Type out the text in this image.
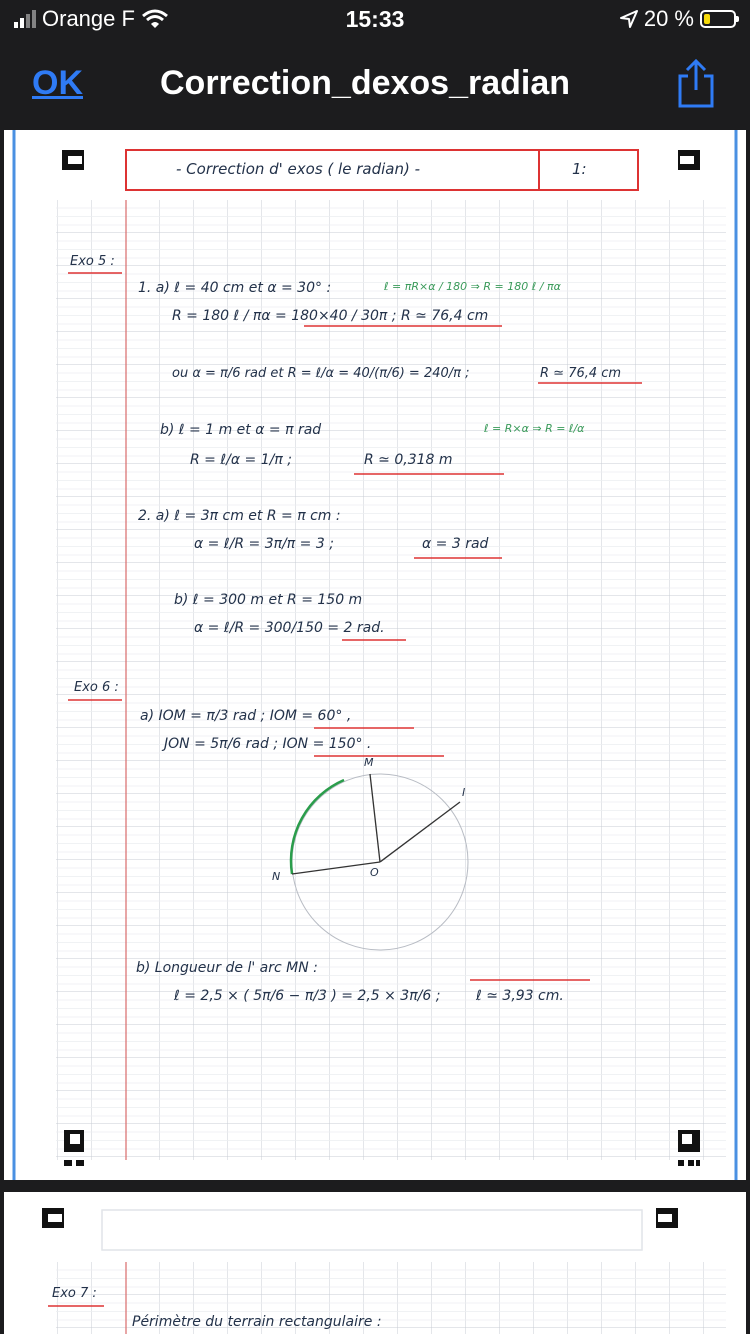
Orange F	15:33	20 %
OK Correction_dexos_radian
- Correction d' exos ( le radian) -	1:
Exo 5 :
1. a) ℓ = 40 cm et α = 30° :	ℓ = πR×α / 180 ⇒ R = 180 ℓ / πα
R = 180 ℓ / πα = 180×40 / 30π ; R ≃ 76,4 cm
ou α = π/6 rad et R = ℓ/α = 40/(π/6) = 240/π ;	R ≃ 76,4 cm
b) ℓ = 1 m et α = π rad	ℓ = R×α ⇒ R = ℓ/α
R = ℓ/α = 1/π ;	R ≃ 0,318 m
2. a) ℓ = 3π cm et R = π cm :
α = ℓ/R = 3π/π = 3 ;	α = 3 rad
b) ℓ = 300 m et R = 150 m
α = ℓ/R = 300/150 = 2 rad.
Exo 6 :
a) IOM = π/3 rad ; IOM = 60° ,
JON = 5π/6 rad ; ION = 150° .
M
I
N	O
b) Longueur de l' arc MN :
ℓ = 2,5 × ( 5π/6 − π/3 ) = 2,5 × 3π/6 ;	ℓ ≃ 3,93 cm.
Exo 7 :
Périmètre du terrain rectangulaire :
